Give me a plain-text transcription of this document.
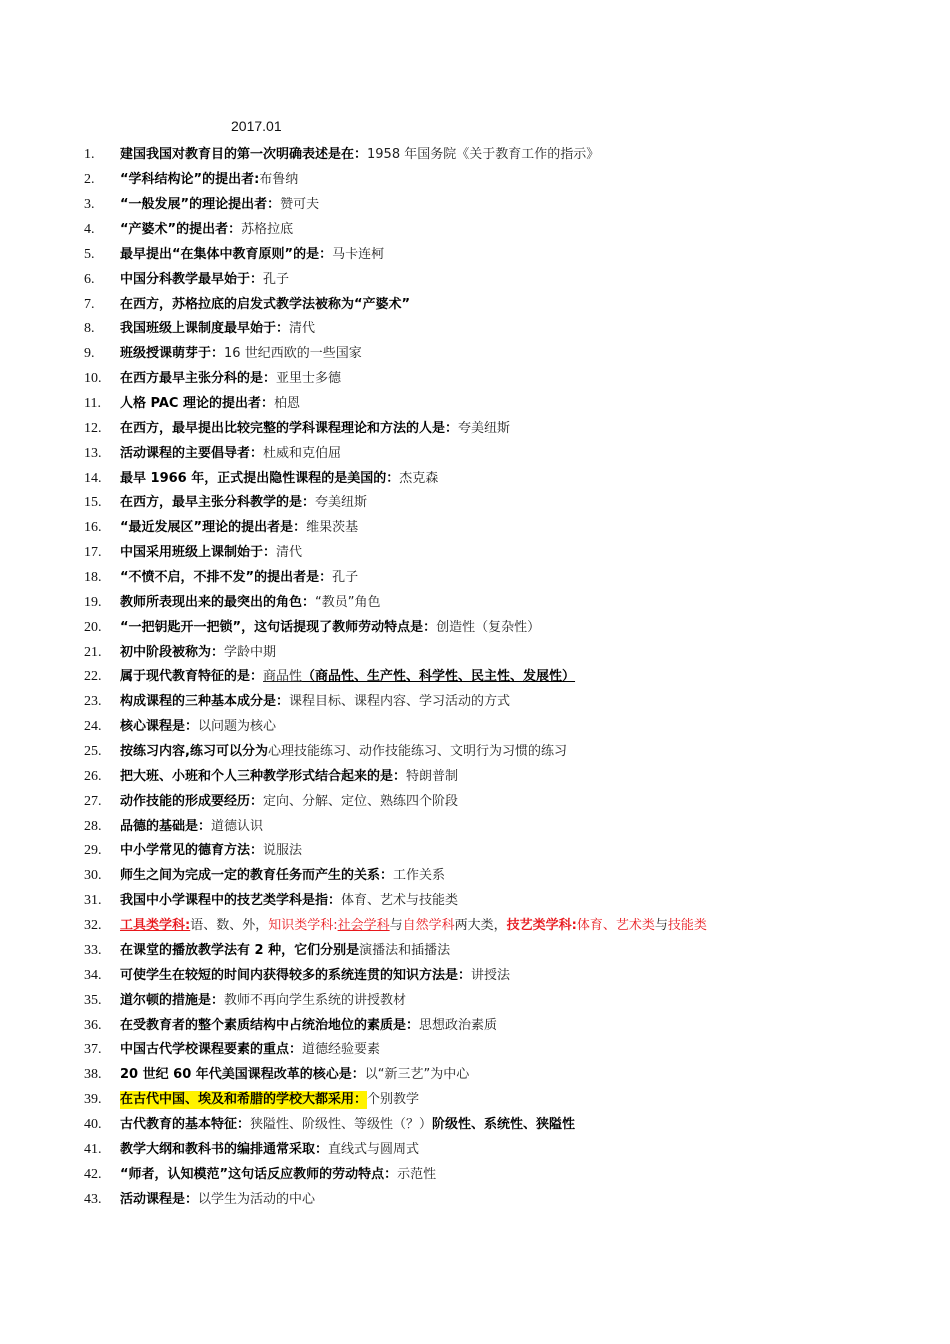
2017.01
1.	建国我国对教育目的第一次明确表述是在： 1958 年国务院《关于教育工作的指示》
2.	“学科结构论”的提出者: 布鲁纳
3.	“一般发展”的理论提出者： 赞可夫
4.	“产婆术”的提出者： 苏格拉底
5.	最早提出“在集体中教育原则”的是： 马卡连柯
6.	中国分科教学最早始于： 孔子
7.	在西方，苏格拉底的启发式教学法被称为“产婆术”
8.	我国班级上课制度最早始于： 清代
9.	班级授课萌芽于： 16 世纪西欧的一些国家
10.	在西方最早主张分科的是： 亚里士多德
11.	人格 PAC 理论的提出者： 柏恩
12.	在西方，最早提出比较完整的学科课程理论和方法的人是： 夸美纽斯
13.	活动课程的主要倡导者： 杜威和克伯屈
14.	最早 1966 年，正式提出隐性课程的是美国的： 杰克森
15.	在西方，最早主张分科教学的是： 夸美纽斯
16.	“最近发展区”理论的提出者是： 维果茨基
17.	中国采用班级上课制始于： 清代
18.	“不愤不启，不排不发”的提出者是： 孔子
19.	教师所表现出来的最突出的角色： “教员”角色
20.	“一把钥匙开一把锁”，这句话提现了教师劳动特点是： 创造性（复杂性）
21.	初中阶段被称为： 学龄中期
22.	属于现代教育特征的是： 商品性 （商品性、生产性、科学性、民主性、发展性）
23.	构成课程的三种基本成分是： 课程目标、课程内容、学习活动的方式
24.	核心课程是： 以问题为核心
25.	按练习内容,练习可以分为 心理技能练习、动作技能练习、文明行为习惯的练习
26.	把大班、小班和个人三种教学形式结合起来的是： 特朗普制
27.	动作技能的形成要经历： 定向、分解、定位、熟练四个阶段
28.	品德的基础是： 道德认识
29.	中小学常见的德育方法： 说服法
30.	师生之间为完成一定的教育任务而产生的关系： 工作关系
31.	我国中小学课程中的技艺类学科是指： 体育、艺术与技能类
32.	工具类学科: 语、数、外， 知识类学科: 社会学科 与 自然学科 两大类， 技艺类学科: 体育、艺术类 与 技能类
33.	在课堂的播放教学法有 2 种，它们分别是 演播法和插播法
34.	可使学生在较短的时间内获得较多的系统连贯的知识方法是： 讲授法
35.	道尔顿的措施是： 教师不再向学生系统的讲授教材
36.	在受教育者的整个素质结构中占统治地位的素质是： 思想政治素质
37.	中国古代学校课程要素的重点： 道德经验要素
38.	20 世纪 60 年代美国课程改革的核心是： 以“新三艺”为中心
39.	在古代中国、埃及和希腊的学校大都采用： 个别教学
40.	古代教育的基本特征： 狭隘性、阶级性、等级性（？） 阶级性、系统性、狭隘性
41.	教学大纲和教科书的编排通常采取： 直线式与圆周式
42.	“师者，认知模范”这句话反应教师的劳动特点： 示范性
43.	活动课程是： 以学生为活动的中心
